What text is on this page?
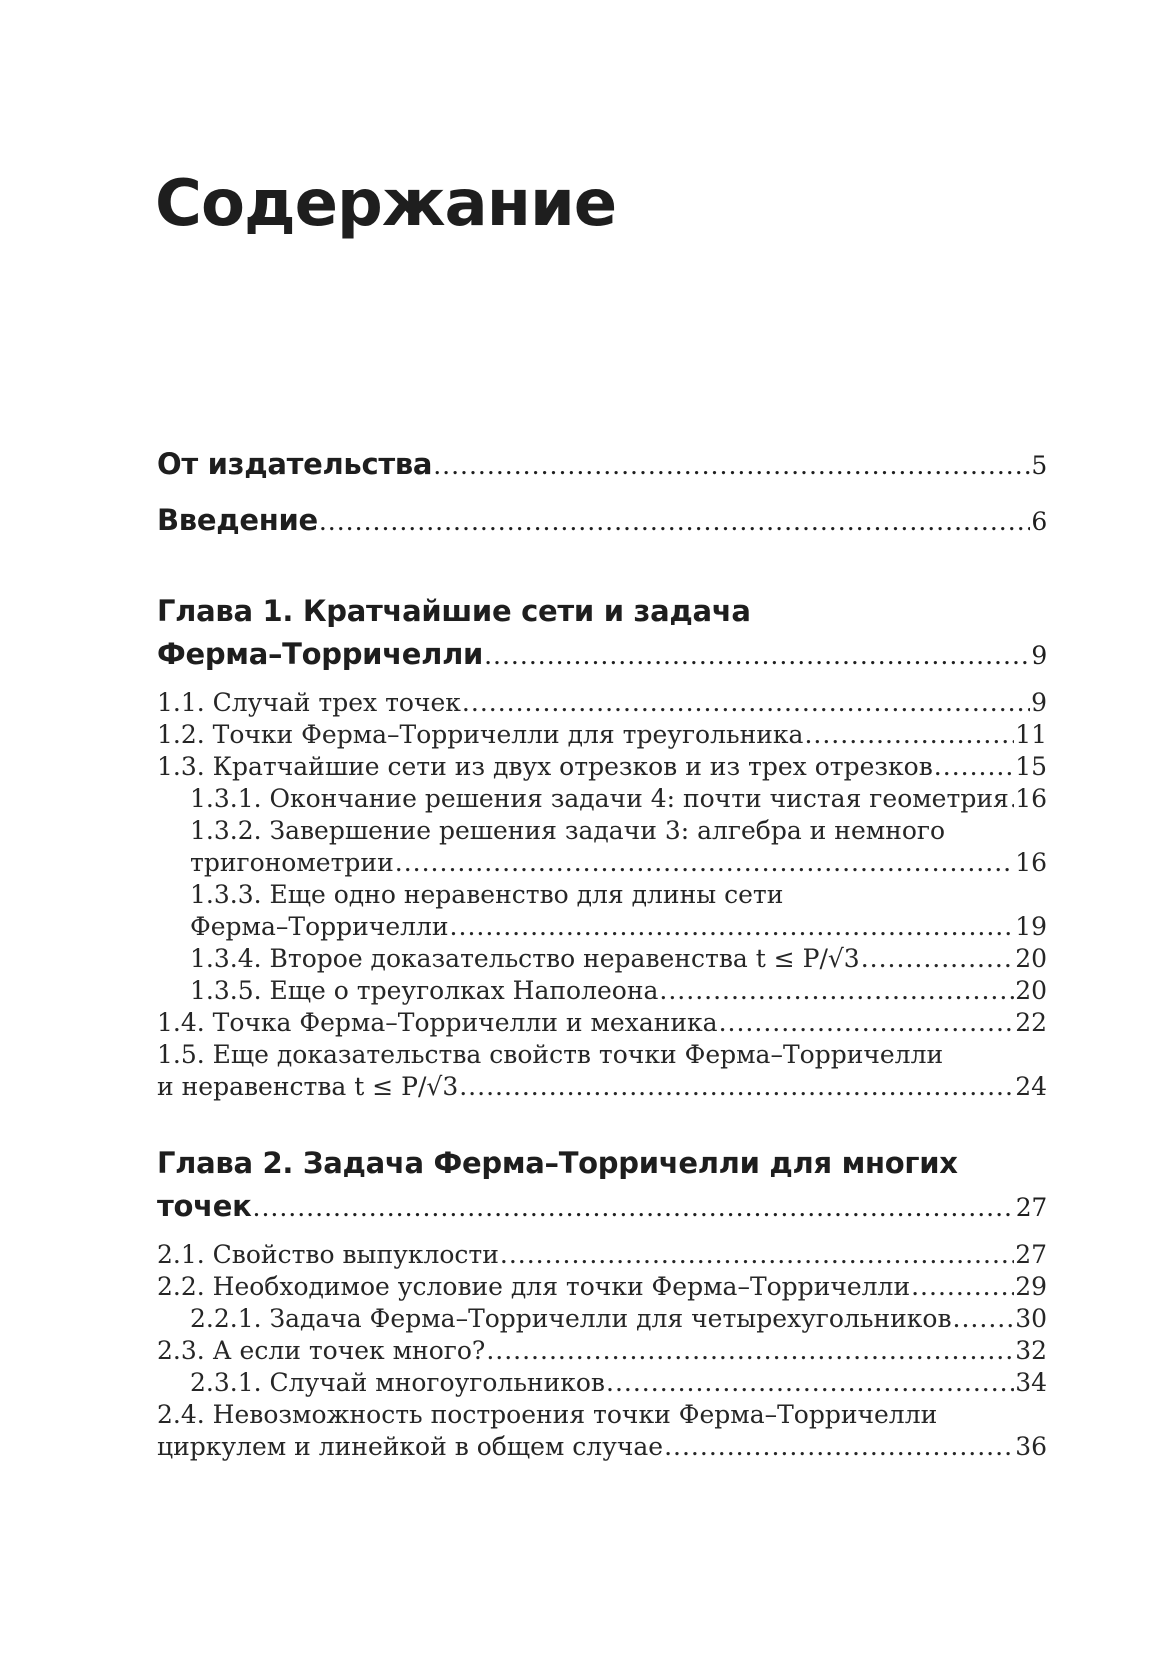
Содержание
От издательства .....	5
Введение .....	6
Глава 1. Кратчайшие сети и задача
Ферма–Торричелли .....	9
1.1. Случай трех точек .....	9
1.2. Точки Ферма–Торричелли для треугольника .....	11
1.3. Кратчайшие сети из двух отрезков и из трех отрезков .....	15
1.3.1. Окончание решения задачи 4: почти чистая геометрия ..... 16
1.3.2. Завершение решения задачи 3: алгебра и немного
тригонометрии .....	16
1.3.3. Еще одно неравенство для длины сети
Ферма–Торричелли .....	19
1.3.4. Второе доказательство неравенства t ≤ P/√3 .....	20
1.3.5. Еще о треуголках Наполеона .....	20
1.4. Точка Ферма–Торричелли и механика .....	22
1.5. Еще доказательства свойств точки Ферма–Торричелли
и неравенства t ≤ P/√3 .....	24
Глава 2. Задача Ферма–Торричелли для многих
точек .....	27
2.1. Свойство выпуклости .....	27
2.2. Необходимое условие для точки Ферма–Торричелли .....	29
2.2.1. Задача Ферма–Торричелли для четырехугольников .....	30
2.3. А если точек много? .....	32
2.3.1. Случай многоугольников .....	34
2.4. Невозможность построения точки Ферма–Торричелли
циркулем и линейкой в общем случае .....	36
